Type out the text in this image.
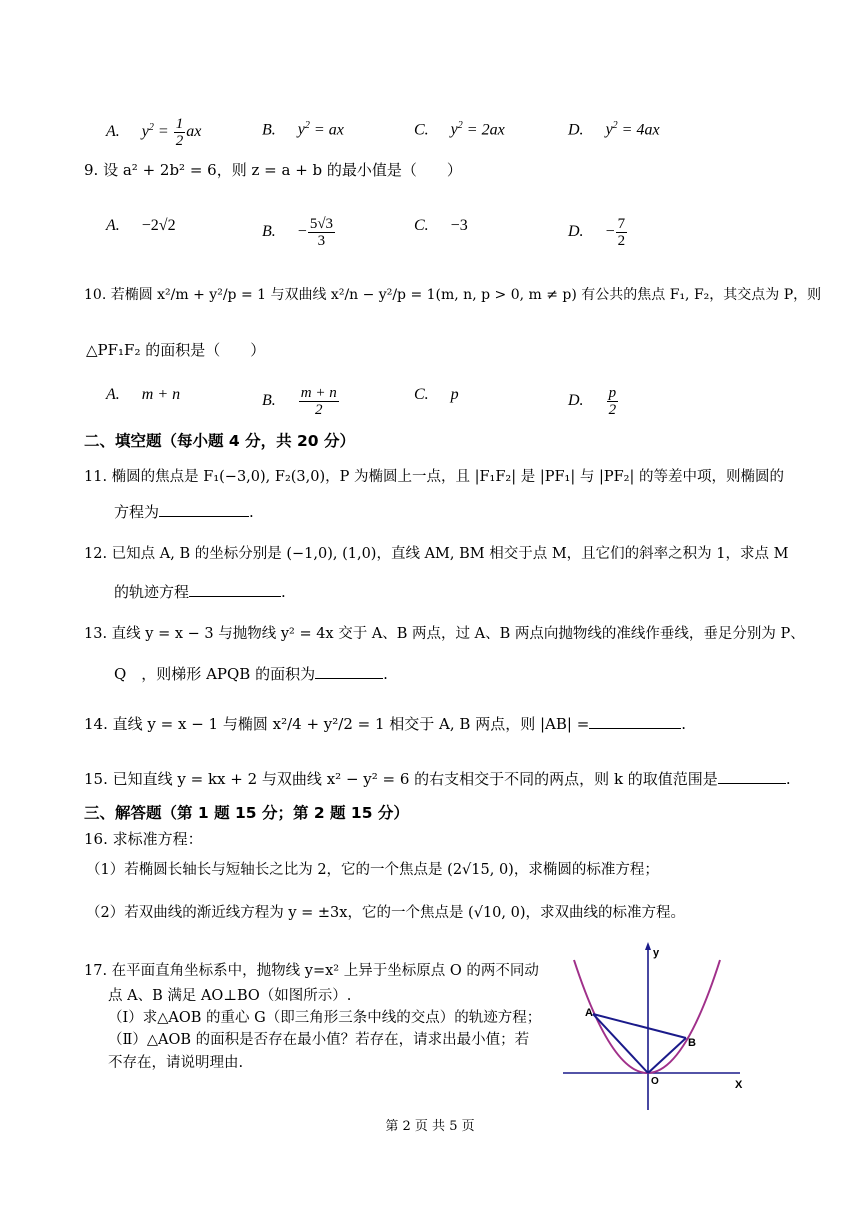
A. $y^2 = \frac{1}{2}$ ax	B. $y^2$ = ax	C. $y^2 = 2ax$	D. $y^2 = 4ax$
9. 设 a² + 2b² = 6，则 z = a + b 的最小值是（　　）
A. −2√2	B. − $\frac{5√3}{3}$	C. −3	D. − $\frac{7}{2}$
10. 若椭圆 x²/m + y²/p = 1 与双曲线 x²/n − y²/p = 1(m, n, p > 0, m ≠ p) 有公共的焦点 F₁, F₂，其交点为 P，则
△PF₁F₂ 的面积是（　　）
A. m + n	B. $\frac{m + n}{2}$	C. p	D. $\frac{p}{2}$
二、填空题（每小题 4 分，共 20 分）
11. 椭圆的焦点是 F₁(−3,0), F₂(3,0)，P 为椭圆上一点，且 |F₁F₂| 是 |PF₁| 与 |PF₂| 的等差中项，则椭圆的
方程为	.
12. 已知点 A, B 的坐标分别是 (−1,0), (1,0)，直线 AM, BM 相交于点 M，且它们的斜率之积为 1，求点 M
的轨迹方程	.
13. 直线 y = x − 3 与抛物线 y² = 4x 交于 A、B 两点，过 A、B 两点向抛物线的准线作垂线，垂足分别为 P、
Q　，则梯形 APQB 的面积为	.
14. 直线 y = x − 1 与椭圆 x²/4 + y²/2 = 1 相交于 A, B 两点，则 |AB| =	.
15. 已知直线 y = kx + 2 与双曲线 x² − y² = 6 的右支相交于不同的两点，则 k 的取值范围是	.
三、解答题（第 1 题 15 分；第 2 题 15 分）
16. 求标准方程：
（1）若椭圆长轴长与短轴长之比为 2，它的一个焦点是 (2√15, 0)，求椭圆的标准方程；
（2）若双曲线的渐近线方程为 y = ±3x，它的一个焦点是 (√10, 0)，求双曲线的标准方程。
17. 在平面直角坐标系中，抛物线 y=x² 上异于坐标原点 O 的两不同动
点 A、B 满足 AO⊥BO（如图所示）.
（Ⅰ）求△AOB 的重心 G（即三角形三条中线的交点）的轨迹方程；
（Ⅱ）△AOB 的面积是否存在最小值？若存在，请求出最小值；若
不存在，请说明理由.
y
X
A
B
O
第 2 页 共 5 页
